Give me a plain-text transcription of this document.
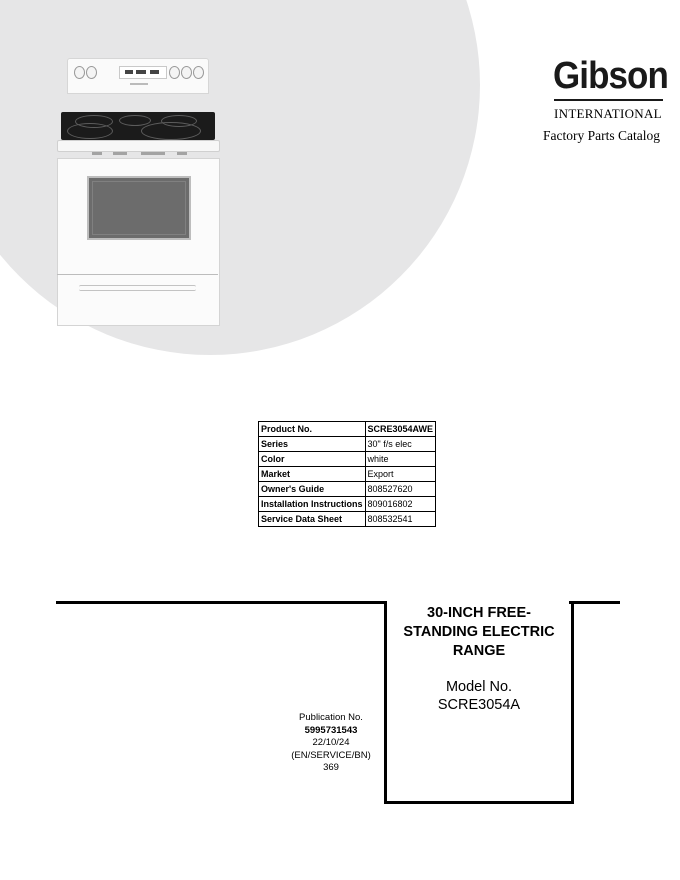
Gibson
INTERNATIONAL
Factory Parts Catalog
Product No.	SCRE3054AWE
Series	30" f/s elec
Color	white
Market	Export
Owner's Guide	808527620
Installation Instructions	809016802
Service Data Sheet	808532541
30-INCH FREE-
STANDING ELECTRIC
RANGE
Model No.
SCRE3054A
Publication No.
5995731543
22/10/24
(EN/SERVICE/BN)
369
